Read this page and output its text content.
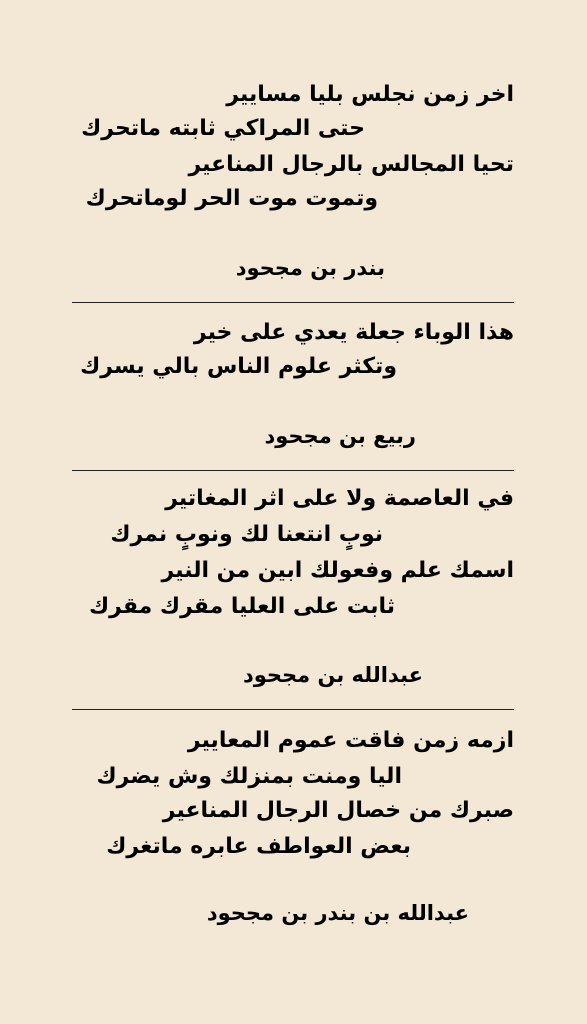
اخر زمن نجلس بليا مسايير
حتى المراكي ثابته ماتحرك
تحيا المجالس بالرجال المناعير
وتموت موت الحر لوماتحرك
بندر بن مجحود
هذا الوباء جعلة يعدي على خير
وتكثر علوم الناس بالي يسرك
ربيع بن مجحود
في العاصمة ولا على اثر المغاتير
نوبٍ انتعنا لك ونوبٍ نمرك
اسمك علم وفعولك ابين من النير
ثابت على العليا مقرك مقرك
عبدالله بن مجحود
ازمه زمن فاقت عموم المعايير
اليا ومنت بمنزلك وش يضرك
صبرك من خصال الرجال المناعير
بعض العواطف عابره ماتغرك
عبدالله بن بندر بن مجحود
